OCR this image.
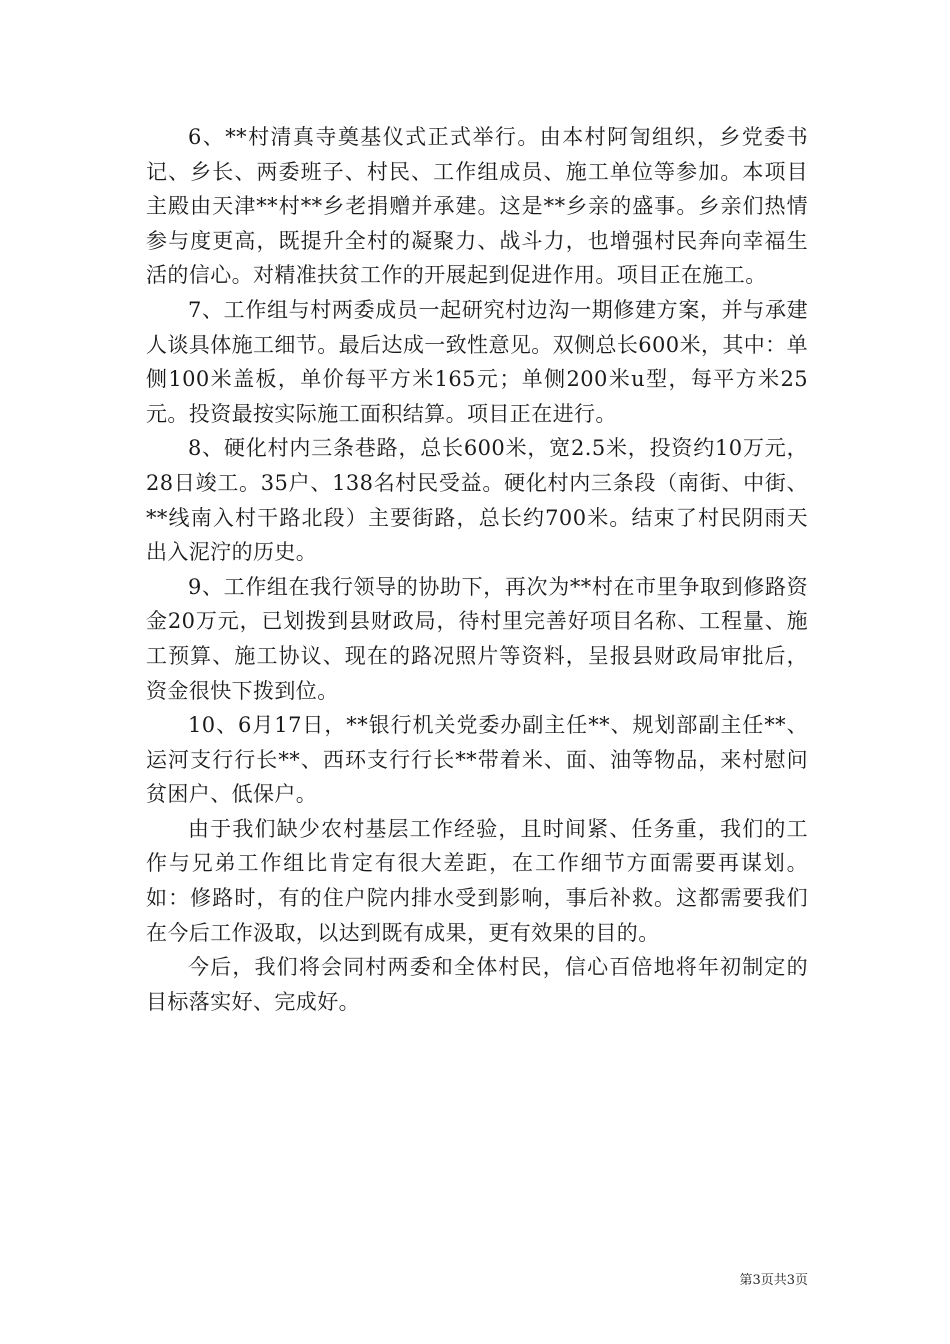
6、**村清真寺奠基仪式正式举行。由本村阿訇组织，乡党委书记、乡长、两委班子、村民、工作组成员、施工单位等参加。本项目主殿由天津**村**乡老捐赠并承建。这是**乡亲的盛事。乡亲们热情参与度更高，既提升全村的凝聚力、战斗力，也增强村民奔向幸福生活的信心。对精准扶贫工作的开展起到促进作用。项目正在施工。

7、工作组与村两委成员一起研究村边沟一期修建方案，并与承建人谈具体施工细节。最后达成一致性意见。双侧总长600米，其中：单侧100米盖板，单价每平方米165元；单侧200米u型，每平方米25元。投资最按实际施工面积结算。项目正在进行。

8、硬化村内三条巷路，总长600米，宽2.5米，投资约10万元，28日竣工。35户、138名村民受益。硬化村内三条段（南街、中街、**线南入村干路北段）主要街路，总长约700米。结束了村民阴雨天出入泥泞的历史。

9、工作组在我行领导的协助下，再次为**村在市里争取到修路资金20万元，已划拨到县财政局，待村里完善好项目名称、工程量、施工预算、施工协议、现在的路况照片等资料，呈报县财政局审批后，资金很快下拨到位。

10、6月17日，**银行机关党委办副主任**、规划部副主任**、运河支行行长**、西环支行行长**带着米、面、油等物品，来村慰问贫困户、低保户。

由于我们缺少农村基层工作经验，且时间紧、任务重，我们的工作与兄弟工作组比肯定有很大差距，在工作细节方面需要再谋划。如：修路时，有的住户院内排水受到影响，事后补救。这都需要我们在今后工作汲取，以达到既有成果，更有效果的目的。

今后，我们将会同村两委和全体村民，信心百倍地将年初制定的目标落实好、完成好。

第3页共3页
